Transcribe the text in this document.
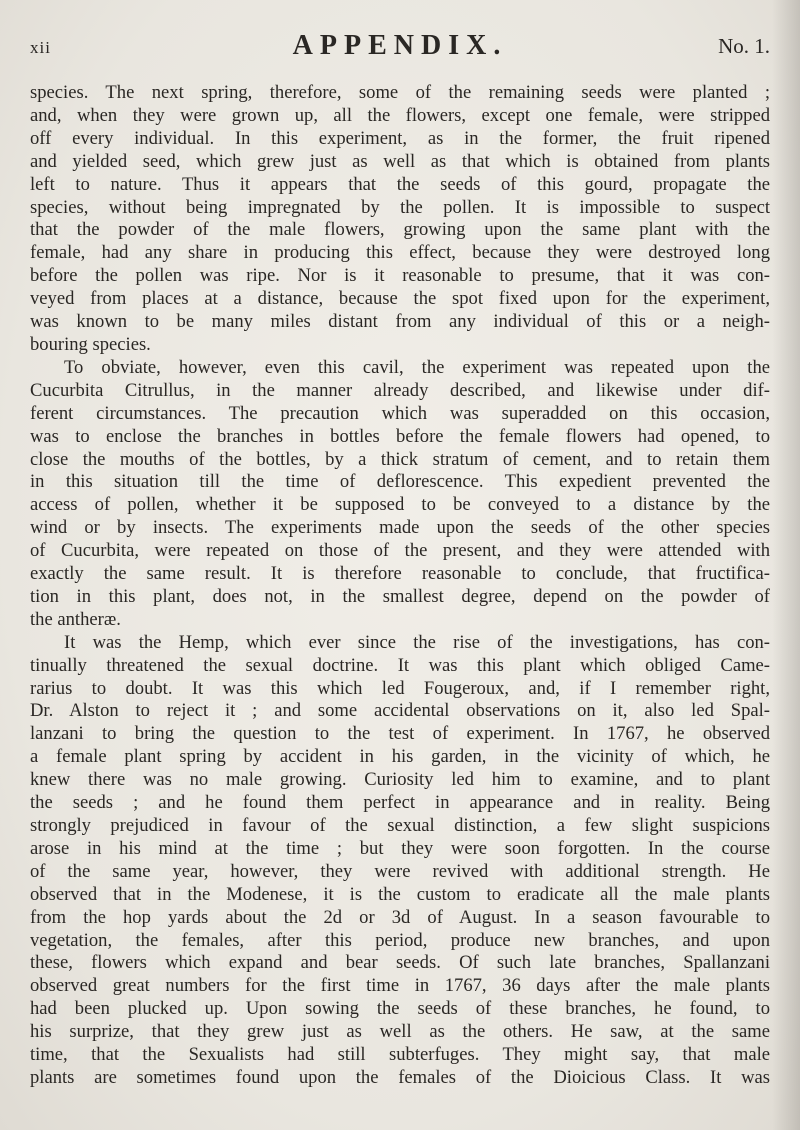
xii	APPENDIX.	No. 1.
species. The next spring, therefore, some of the remaining seeds were planted ;
and, when they were grown up, all the flowers, except one female, were stripped
off every individual. In this experiment, as in the former, the fruit ripened
and yielded seed, which grew just as well as that which is obtained from plants
left to nature. Thus it appears that the seeds of this gourd, propagate the
species, without being impregnated by the pollen. It is impossible to suspect
that the powder of the male flowers, growing upon the same plant with the
female, had any share in producing this effect, because they were destroyed long
before the pollen was ripe. Nor is it reasonable to presume, that it was con-
veyed from places at a distance, because the spot fixed upon for the experiment,
was known to be many miles distant from any individual of this or a neigh-
bouring species.
To obviate, however, even this cavil, the experiment was repeated upon the
Cucurbita Citrullus, in the manner already described, and likewise under dif-
ferent circumstances. The precaution which was superadded on this occasion,
was to enclose the branches in bottles before the female flowers had opened, to
close the mouths of the bottles, by a thick stratum of cement, and to retain them
in this situation till the time of deflorescence. This expedient prevented the
access of pollen, whether it be supposed to be conveyed to a distance by the
wind or by insects. The experiments made upon the seeds of the other species
of Cucurbita, were repeated on those of the present, and they were attended with
exactly the same result. It is therefore reasonable to conclude, that fructifica-
tion in this plant, does not, in the smallest degree, depend on the powder of
the antheræ.
It was the Hemp, which ever since the rise of the investigations, has con-
tinually threatened the sexual doctrine. It was this plant which obliged Came-
rarius to doubt. It was this which led Fougeroux, and, if I remember right,
Dr. Alston to reject it ; and some accidental observations on it, also led Spal-
lanzani to bring the question to the test of experiment. In 1767, he observed
a female plant spring by accident in his garden, in the vicinity of which, he
knew there was no male growing. Curiosity led him to examine, and to plant
the seeds ; and he found them perfect in appearance and in reality. Being
strongly prejudiced in favour of the sexual distinction, a few slight suspicions
arose in his mind at the time ; but they were soon forgotten. In the course
of the same year, however, they were revived with additional strength. He
observed that in the Modenese, it is the custom to eradicate all the male plants
from the hop yards about the 2d or 3d of August. In a season favourable to
vegetation, the females, after this period, produce new branches, and upon
these, flowers which expand and bear seeds. Of such late branches, Spallanzani
observed great numbers for the first time in 1767, 36 days after the male plants
had been plucked up. Upon sowing the seeds of these branches, he found, to
his surprize, that they grew just as well as the others. He saw, at the same
time, that the Sexualists had still subterfuges. They might say, that male
plants are sometimes found upon the females of the Dioicious Class. It was
